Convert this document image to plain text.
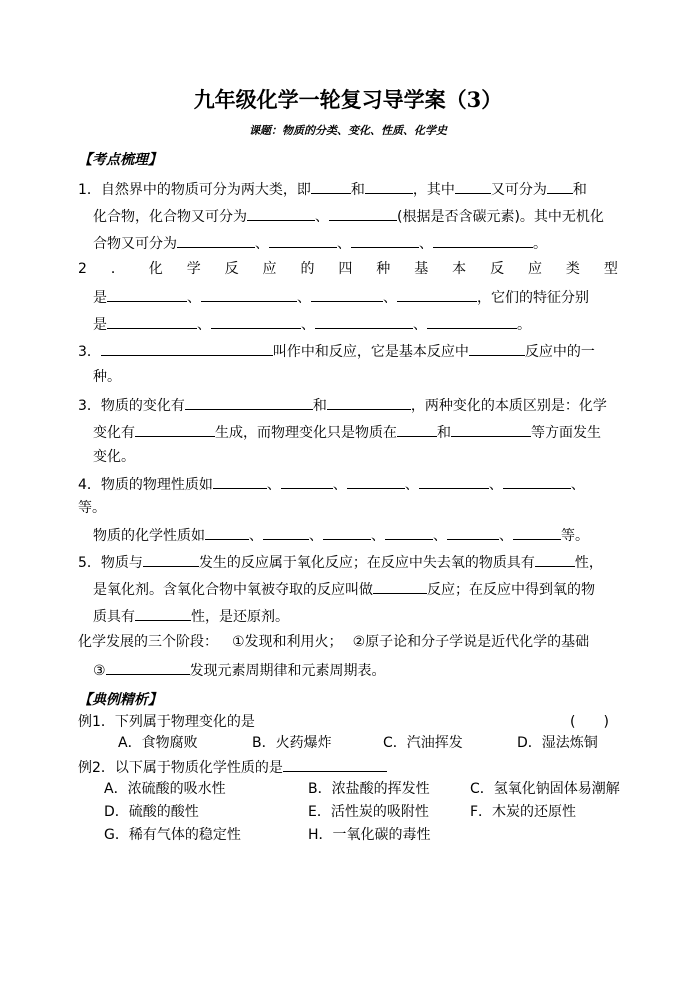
九年级化学一轮复习导学案（3）
课题：物质的分类、变化、性质、化学史
【考点梳理】
1．自然界中的物质可分为两大类，即	和	，其中	又可分为 和
化合物，化合物又可分为	、	(根据是否含碳元素)。其中无机化
合物又可分为	、	、	、	。
2 ． 化 学 反 应 的 四 种 基 本 反 应 类 型
是	、	、	、	，它们的特征分别
是	、	、	、	。
3．	叫作中和反应，它是基本反应中	反应中的一
种。
3．物质的变化有	和	，两种变化的本质区别是：化学
变化有	生成，而物理变化只是物质在	和	等方面发生
变化。
4．物质的物理性质如	、	、	、	、	、
等。
物质的化学性质如	、	、	、	、	、	等。
5．物质与	发生的反应属于氧化反应；在反应中失去氧的物质具有	性，
是氧化剂。含氧化合物中氧被夺取的反应叫做	反应；在反应中得到氧的物
质具有	性，是还原剂。
化学发展的三个阶段： ①发现和利用火； ②原子论和分子学说是近代化学的基础
③	发现元素周期律和元素周期表。
【典例精析】
例1．下列属于物理变化的是	(　　)
A．食物腐败	B．火药爆炸	C．汽油挥发	D．湿法炼铜
例2．以下属于物质化学性质的是
A．浓硫酸的吸水性	B．浓盐酸的挥发性	C．氢氧化钠固体易潮解
D．硫酸的酸性	E．活性炭的吸附性	F．木炭的还原性
G．稀有气体的稳定性	H．一氧化碳的毒性
